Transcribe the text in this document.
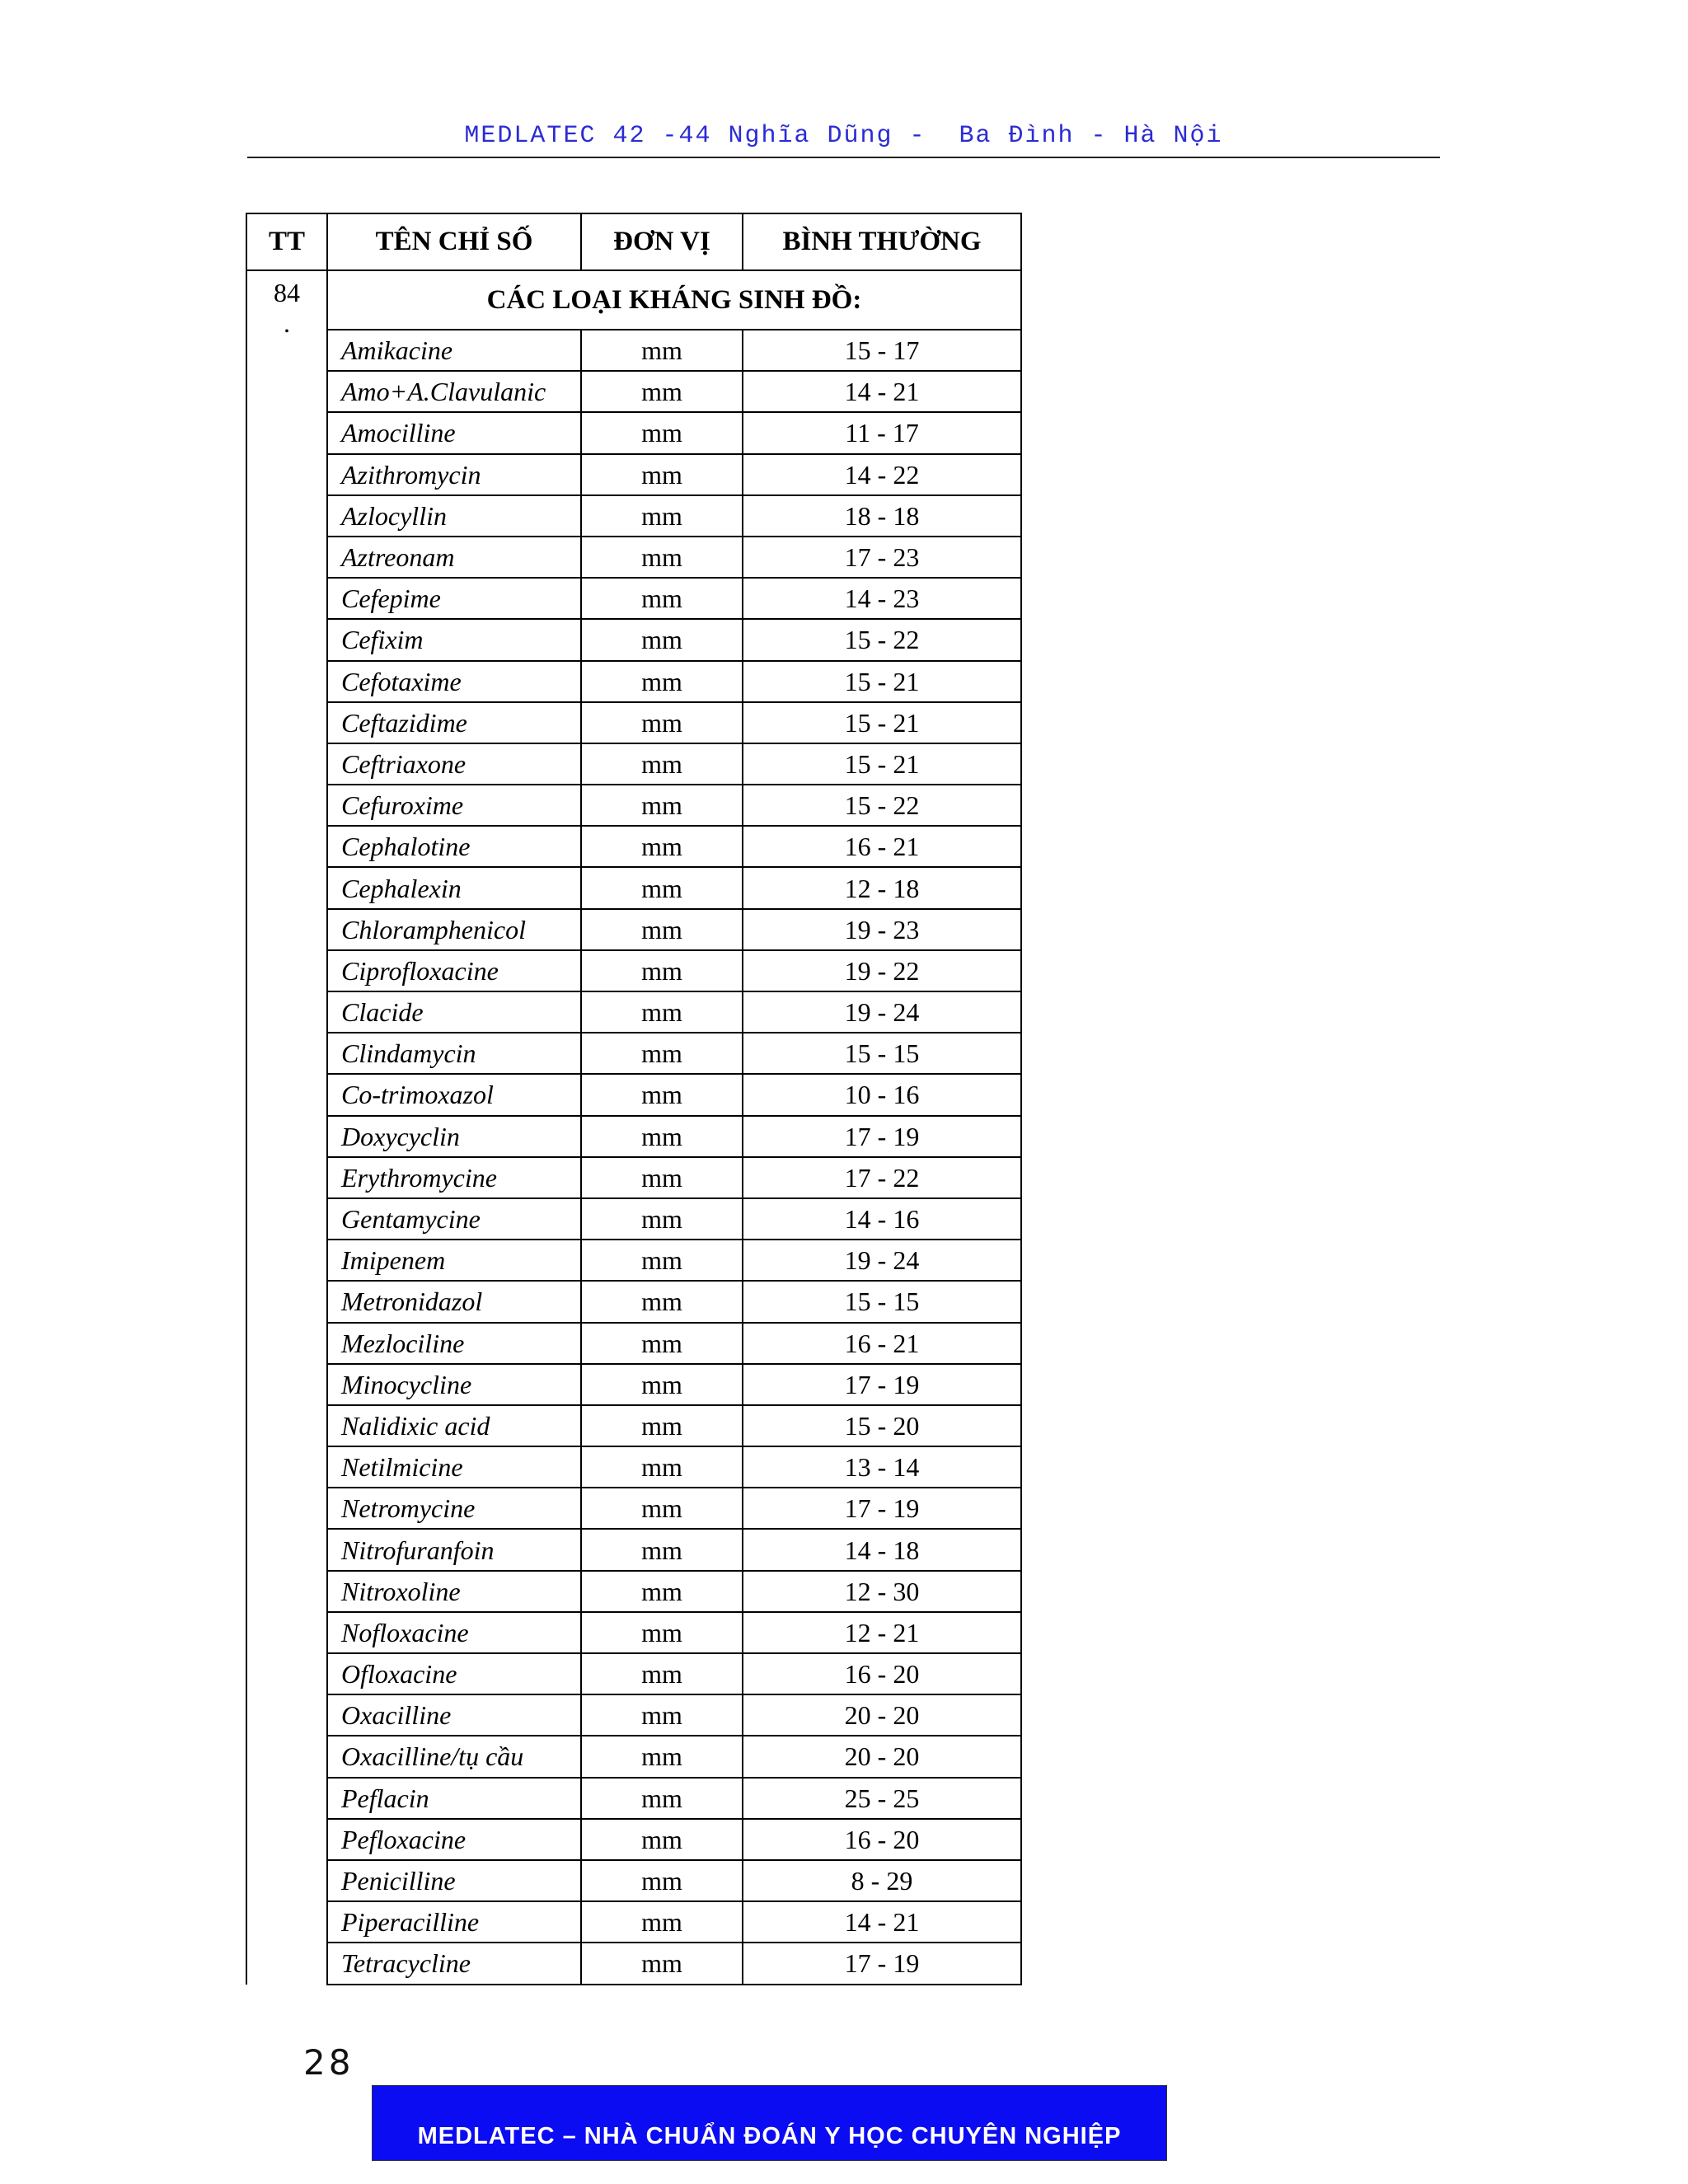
MEDLATEC 42 -44 Nghĩa Dũng -  Ba Đình - Hà Nội
TT	TÊN CHỈ SỐ	ĐƠN VỊ	BÌNH THƯỜNG

84
.	CÁC LOẠI KHÁNG SINH ĐỒ:		
	Amikacine	mm	15 - 17
	Amo+A.Clavulanic	mm	14 - 21
	Amocilline	mm	11 - 17
	Azithromycin	mm	14 - 22
	Azlocyllin	mm	18 - 18
	Aztreonam	mm	17 - 23
	Cefepime	mm	14 - 23
	Cefixim	mm	15 - 22
	Cefotaxime	mm	15 - 21
	Ceftazidime	mm	15 - 21
	Ceftriaxone	mm	15 - 21
	Cefuroxime	mm	15 - 22
	Cephalotine	mm	16 - 21
	Cephalexin	mm	12 - 18
	Chloramphenicol	mm	19 - 23
	Ciprofloxacine	mm	19 - 22
	Clacide	mm	19 - 24
	Clindamycin	mm	15 - 15
	Co-trimoxazol	mm	10 - 16
	Doxycyclin	mm	17 - 19
	Erythromycine	mm	17 - 22
	Gentamycine	mm	14 - 16
	Imipenem	mm	19 - 24
	Metronidazol	mm	15 - 15
	Mezlociline	mm	16 - 21
	Minocycline	mm	17 - 19
	Nalidixic acid	mm	15 - 20
	Netilmicine	mm	13 - 14
	Netromycine	mm	17 - 19
	Nitrofuranfoin	mm	14 - 18
	Nitroxoline	mm	12 - 30
	Nofloxacine	mm	12 - 21
	Ofloxacine	mm	16 - 20
	Oxacilline	mm	20 - 20
	Oxacilline/tụ cầu	mm	20 - 20
	Peflacin	mm	25 - 25
	Pefloxacine	mm	16 - 20
	Penicilline	mm	8 - 29
	Piperacilline	mm	14 - 21
	Tetracycline	mm	17 - 19
28
MEDLATEC – NHÀ CHUẨN ĐOÁN Y HỌC CHUYÊN NGHIỆP
